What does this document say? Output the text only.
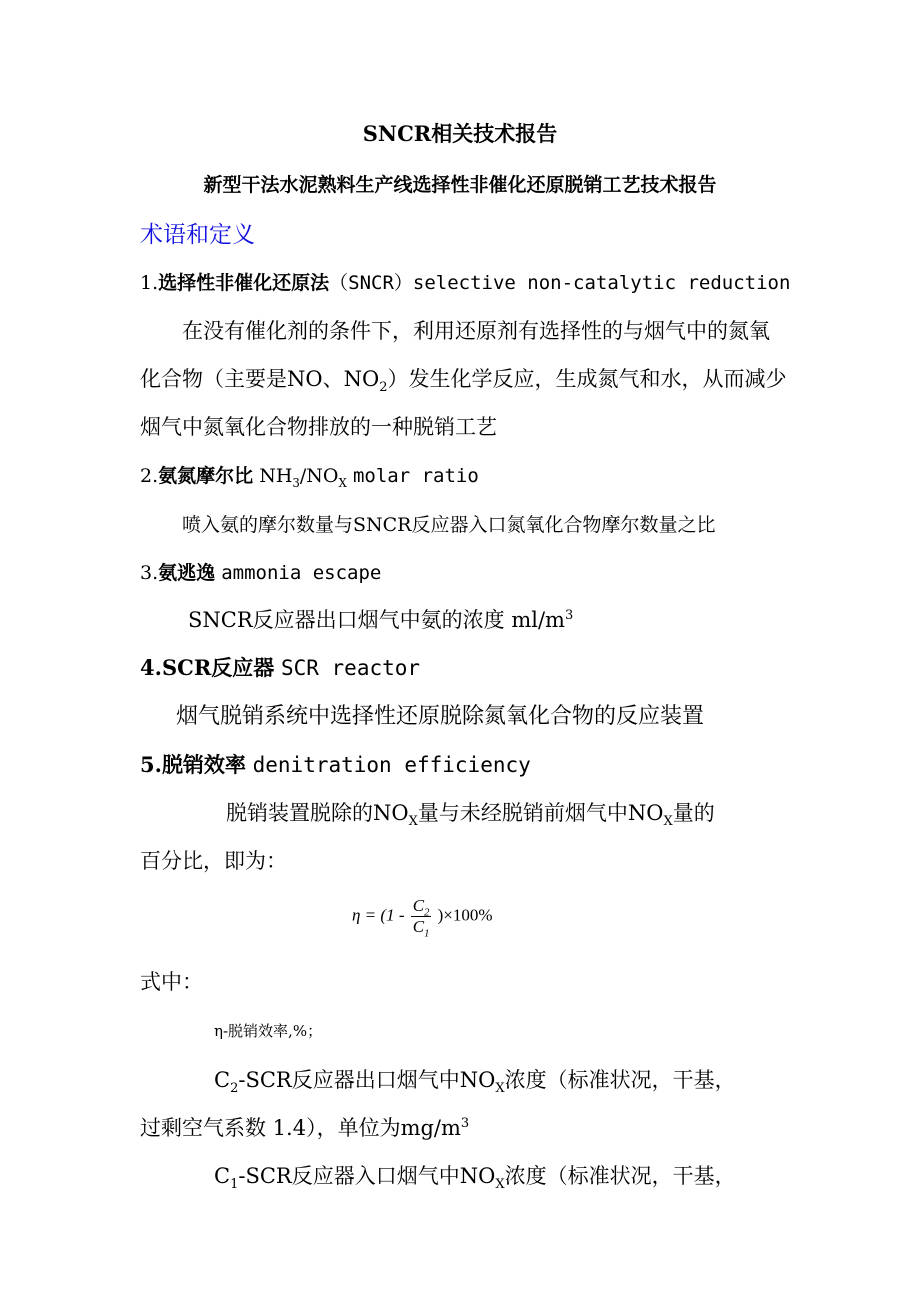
SNCR相关技术报告
新型干法水泥熟料生产线选择性非催化还原脱销工艺技术报告
术语和定义
1.选择性非催化还原法（SNCR）selective non-catalytic reduction
在没有催化剂的条件下，利用还原剂有选择性的与烟气中的氮氧
化合物（主要是NO、$NO_2$）发生化学反应，生成氮气和水，从而减少
烟气中氮氧化合物排放的一种脱销工艺
2.氨氮摩尔比 $NH_3/NO_X$ molar ratio
喷入氨的摩尔数量与SNCR反应器入口氮氧化合物摩尔数量之比
3.氨逃逸 ammonia escape
SNCR反应器出口烟气中氨的浓度 $ml/m^3$
4.SCR反应器 SCR reactor
烟气脱销系统中选择性还原脱除氮氧化合物的反应装置
5.脱销效率 denitration efficiency
脱销装置脱除的$NO_X$量与未经脱销前烟气中$NO_X$量的
百分比，即为：
$\eta = (1 - \frac{C_2}{C_1} )\times 100\%$
式中：
η-脱销效率,%；
$C_2$-SCR反应器出口烟气中$NO_X$浓度（标准状况，干基，
过剩空气系数 1.4），单位为$mg/m^3$
$C_1$-SCR反应器入口烟气中$NO_X$浓度（标准状况，干基，
